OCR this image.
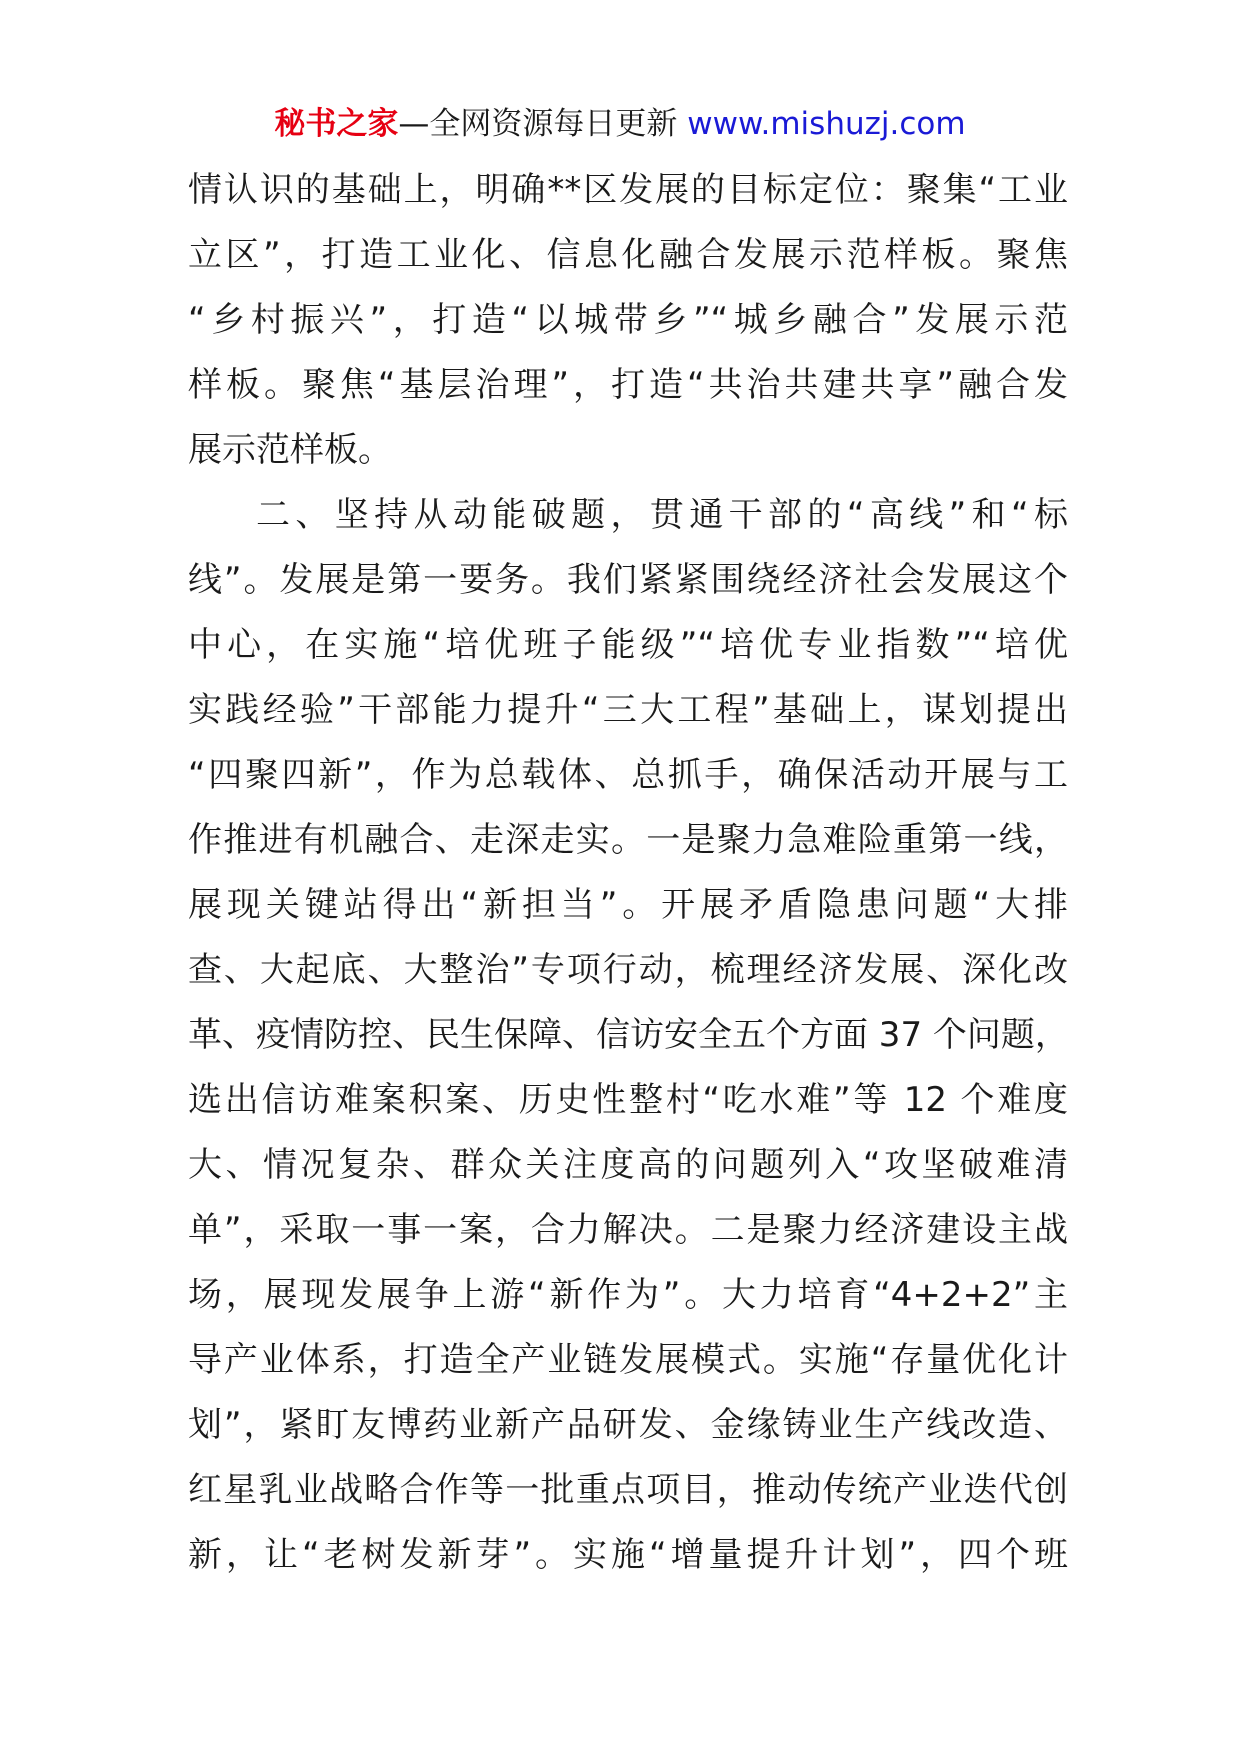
秘书之家—全网资源每日更新 www.mishuzj.com
情认识的基础上，明确**区发展的目标定位：聚集“工业
立区”，打造工业化、信息化融合发展示范样板。聚焦
“乡村振兴”，打造“以城带乡”“城乡融合”发展示范
样板。聚焦“基层治理”，打造“共治共建共享”融合发
展示范样板。
二、坚持从动能破题，贯通干部的“高线”和“标
线”。发展是第一要务。我们紧紧围绕经济社会发展这个
中心，在实施“培优班子能级”“培优专业指数”“培优
实践经验”干部能力提升“三大工程”基础上，谋划提出
“四聚四新”，作为总载体、总抓手，确保活动开展与工
作推进有机融合、走深走实。一是聚力急难险重第一线，
展现关键站得出“新担当”。开展矛盾隐患问题“大排
查、大起底、大整治”专项行动，梳理经济发展、深化改
革、疫情防控、民生保障、信访安全五个方面 37 个问题，
选出信访难案积案、历史性整村“吃水难”等 12 个难度
大、情况复杂、群众关注度高的问题列入“攻坚破难清
单”，采取一事一案，合力解决。二是聚力经济建设主战
场，展现发展争上游“新作为”。大力培育“4+2+2”主
导产业体系，打造全产业链发展模式。实施“存量优化计
划”，紧盯友博药业新产品研发、金缘铸业生产线改造、
红星乳业战略合作等一批重点项目，推动传统产业迭代创
新，让“老树发新芽”。实施“增量提升计划”，四个班
